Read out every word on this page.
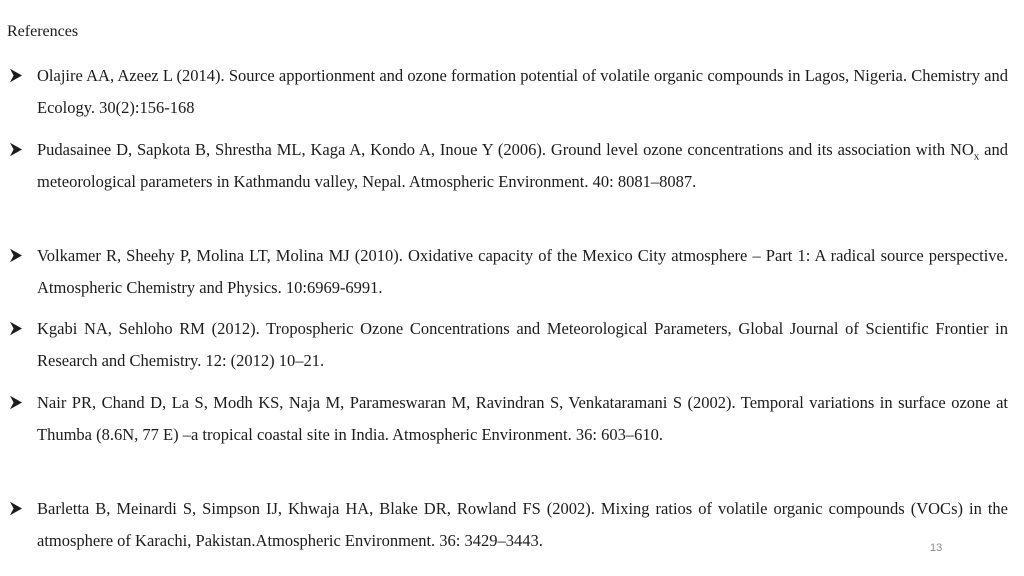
References
Olajire AA, Azeez L (2014). Source apportionment and ozone formation potential of volatile organic compounds in Lagos, Nigeria. Chemistry and Ecology. 30(2):156-168
Pudasainee D, Sapkota B, Shrestha ML, Kaga A, Kondo A, Inoue Y (2006). Ground level ozone concentrations and its association with $NO_x$ and meteorological parameters in Kathmandu valley, Nepal. Atmospheric Environment. 40: 8081–8087.
Volkamer R, Sheehy P, Molina LT, Molina MJ (2010). Oxidative capacity of the Mexico City atmosphere – Part 1: A radical source perspective. Atmospheric Chemistry and Physics. 10:6969-6991.
Kgabi NA, Sehloho RM (2012). Tropospheric Ozone Concentrations and Meteorological Parameters, Global Journal of Scientific Frontier in Research and Chemistry. 12: (2012) 10–21.
Nair PR, Chand D, La S, Modh KS, Naja M, Parameswaran M, Ravindran S, Venkataramani S (2002). Temporal variations in surface ozone at Thumba (8.6N, 77 E) –a tropical coastal site in India. Atmospheric Environment. 36: 603–610.
Barletta B, Meinardi S, Simpson IJ, Khwaja HA, Blake DR, Rowland FS (2002). Mixing ratios of volatile organic compounds (VOCs) in the atmosphere of Karachi, Pakistan.Atmospheric Environment. 36: 3429–3443.	13
